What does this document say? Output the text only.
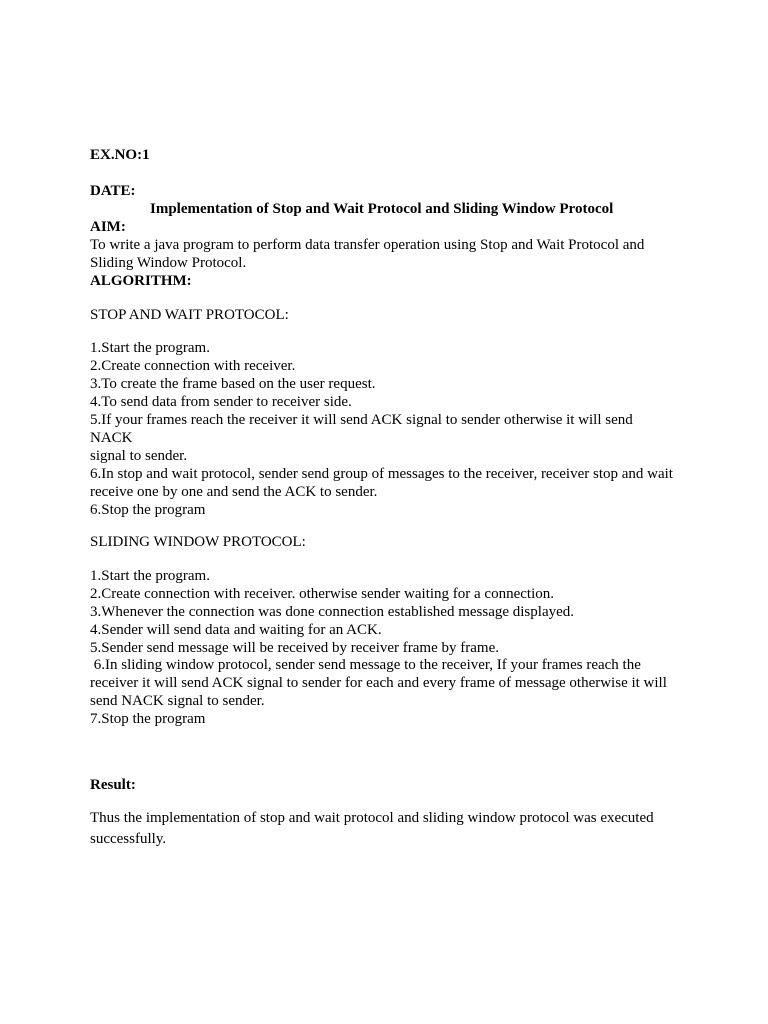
EX.NO:1
DATE:
Implementation of Stop and Wait Protocol and Sliding Window Protocol
AIM:
To write a java program to perform data transfer operation using Stop and Wait Protocol and
Sliding Window Protocol.
ALGORITHM:
STOP AND WAIT PROTOCOL:
1.Start the program.
2.Create connection with receiver.
3.To create the frame based on the user request.
4.To send data from sender to receiver side.
5.If your frames reach the receiver it will send ACK signal to sender otherwise it will send
NACK
signal to sender.
6.In stop and wait protocol, sender send group of messages to the receiver, receiver stop and wait
receive one by one and send the ACK to sender.
6.Stop the program
SLIDING WINDOW PROTOCOL:
1.Start the program.
2.Create connection with receiver. otherwise sender waiting for a connection.
3.Whenever the connection was done connection established message displayed.
4.Sender will send data and waiting for an ACK.
5.Sender send message will be received by receiver frame by frame.
6.In sliding window protocol, sender send message to the receiver, If your frames reach the
receiver it will send ACK signal to sender for each and every frame of message otherwise it will
send NACK signal to sender.
7.Stop the program
Result:
Thus the implementation of stop and wait protocol and sliding window protocol was executed successfully.
